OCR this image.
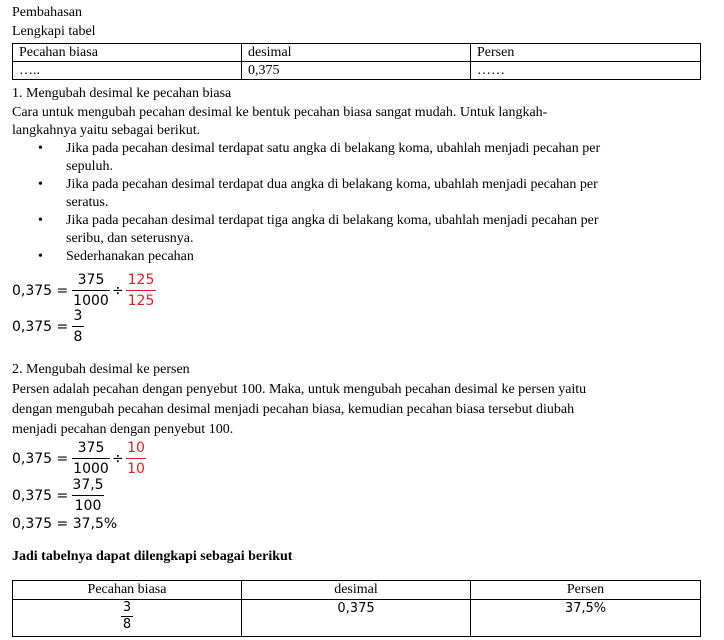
Pembahasan
Lengkapi tabel
Pecahan biasa	desimal	Persen
…..	0,375	……
1. Mengubah desimal ke pecahan biasa
Cara untuk mengubah pecahan desimal ke bentuk pecahan biasa sangat mudah. Untuk langkah-
langkahnya yaitu sebagai berikut.
• Jika pada pecahan desimal terdapat satu angka di belakang koma, ubahlah menjadi pecahan per
sepuluh.
• Jika pada pecahan desimal terdapat dua angka di belakang koma, ubahlah menjadi pecahan per
seratus.
• Jika pada pecahan desimal terdapat tiga angka di belakang koma, ubahlah menjadi pecahan per
seribu, dan seterusnya.
• Sederhanakan pecahan
0,375 =
375
1000
÷
125
125
0,375 =
3
8
2. Mengubah desimal ke persen
Persen adalah pecahan dengan penyebut 100. Maka, untuk mengubah pecahan desimal ke persen yaitu
dengan mengubah pecahan desimal menjadi pecahan biasa, kemudian pecahan biasa tersebut diubah
menjadi pecahan dengan penyebut 100.
0,375 =
375
1000
÷
10
10
0,375 =
37,5
100
0,375 = 37,5%
Jadi tabelnya dapat dilengkapi sebagai berikut
Pecahan biasa	desimal	Persen

$\frac{3}{8}$	0,375	37,5%
